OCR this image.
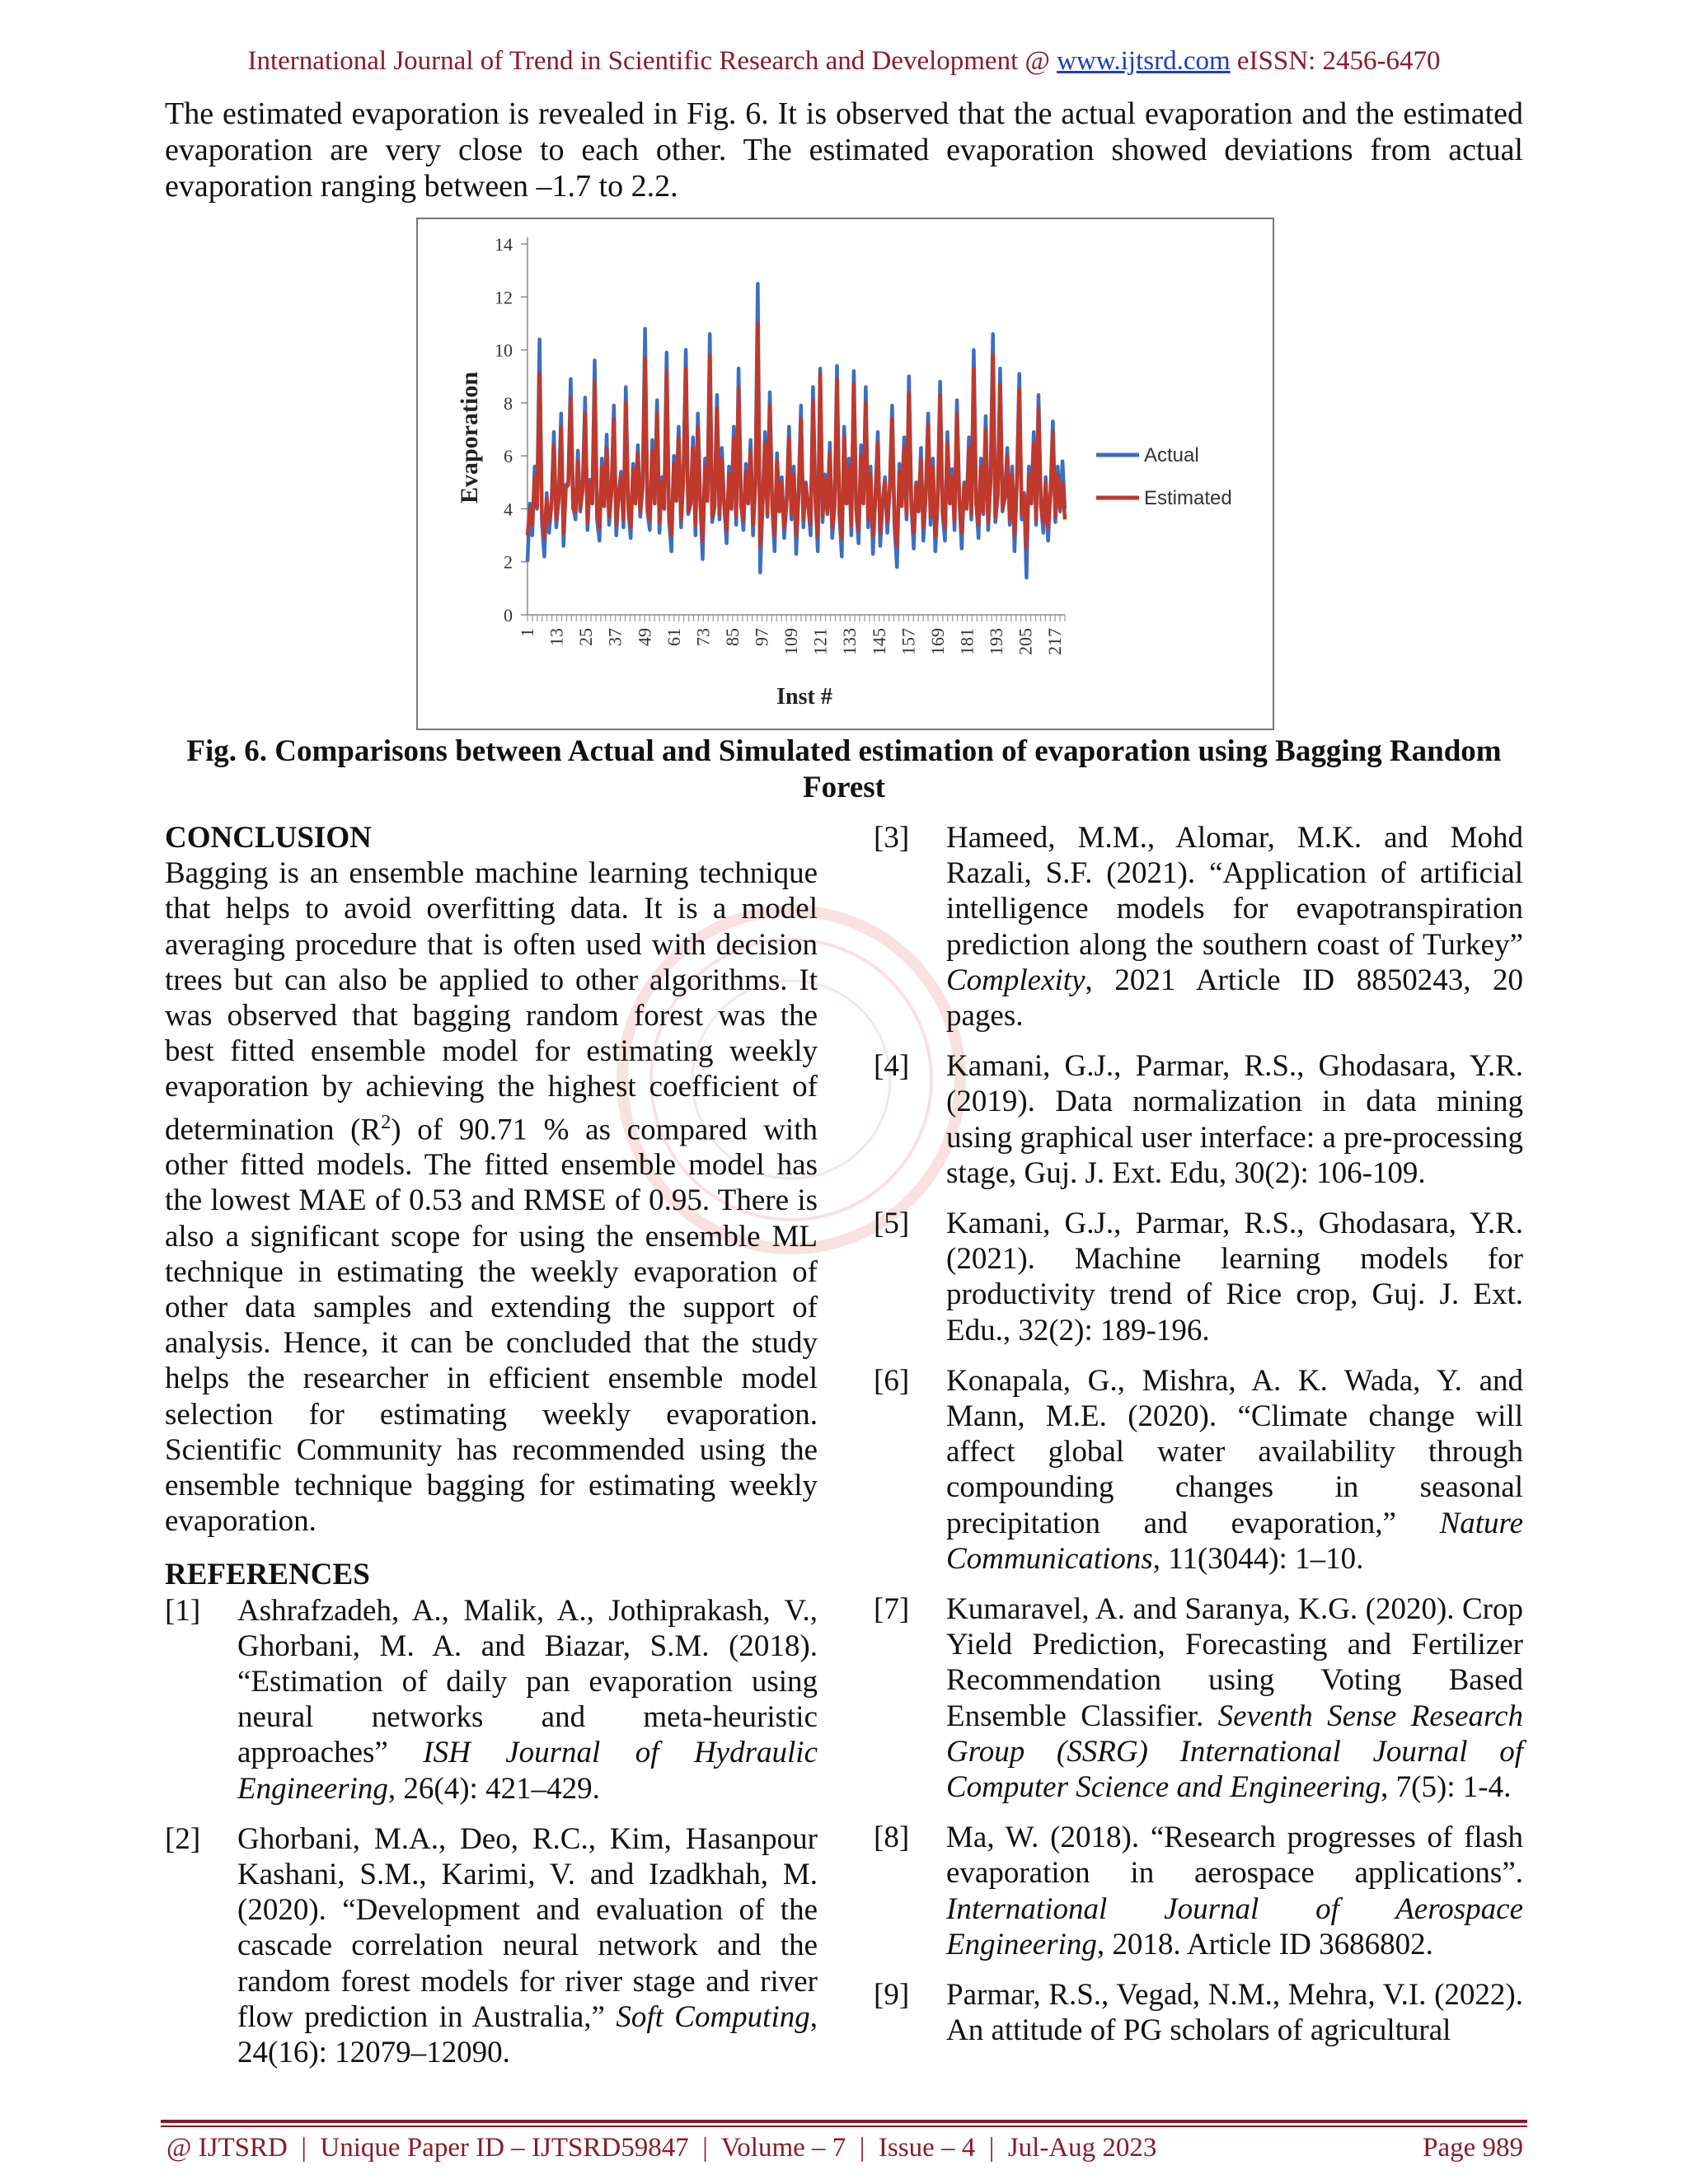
International Journal of Trend in Scientific Research and Development @ www.ijtsrd.com eISSN: 2456-6470

The estimated evaporation is revealed in Fig. 6. It is observed that the actual evaporation and the estimated evaporation are very close to each other. The estimated evaporation showed deviations from actual evaporation ranging between –1.7 to 2.2.

0
2
4
6
8
10
12
14
1 13 25 37 49 61 73 85 97 109 121 133 145 157 169 181 193 205 217
Evaporation
Inst #
Actual
Estimated
Fig. 6. Comparisons between Actual and Simulated estimation of evaporation using Bagging Random Forest
CONCLUSION

Bagging is an ensemble machine learning technique that helps to avoid overfitting data. It is a model averaging procedure that is often used with decision trees but can also be applied to other algorithms. It was observed that bagging random forest was the best fitted ensemble model for estimating weekly evaporation by achieving the highest coefficient of determination $(R^2)$ of 90.71 % as compared with other fitted models. The fitted ensemble model has the lowest MAE of 0.53 and RMSE of 0.95. There is also a significant scope for using the ensemble ML technique in estimating the weekly evaporation of other data samples and extending the support of analysis. Hence, it can be concluded that the study helps the researcher in efficient ensemble model selection for estimating weekly evaporation. Scientific Community has recommended using the ensemble technique bagging for estimating weekly evaporation.

REFERENCES
[1]	Ashrafzadeh, A., Malik, A., Jothiprakash, V., Ghorbani, M. A. and Biazar, S.M. (2018). “Estimation of daily pan evaporation using neural networks and meta-heuristic approaches” ISH Journal of Hydraulic Engineering, 26(4): 421–429.
[2]	Ghorbani, M.A., Deo, R.C., Kim, Hasanpour Kashani, S.M., Karimi, V. and Izadkhah, M. (2020). “Development and evaluation of the cascade correlation neural network and the random forest models for river stage and river flow prediction in Australia,” Soft Computing, 24(16): 12079–12090.
[3]	Hameed, M.M., Alomar, M.K. and Mohd Razali, S.F. (2021). “Application of artificial intelligence models for evapotranspiration prediction along the southern coast of Turkey” Complexity, 2021 Article ID 8850243, 20 pages.
[4]	Kamani, G.J., Parmar, R.S., Ghodasara, Y.R. (2019). Data normalization in data mining using graphical user interface: a pre-processing stage, Guj. J. Ext. Edu, 30(2): 106-109.
[5]	Kamani, G.J., Parmar, R.S., Ghodasara, Y.R. (2021). Machine learning models for productivity trend of Rice crop, Guj. J. Ext. Edu., 32(2): 189-196.
[6]	Konapala, G., Mishra, A. K. Wada, Y. and Mann, M.E. (2020). “Climate change will affect global water availability through compounding changes in seasonal precipitation and evaporation,” Nature Communications, 11(3044): 1–10.
[7]	Kumaravel, A. and Saranya, K.G. (2020). Crop Yield Prediction, Forecasting and Fertilizer Recommendation using Voting Based Ensemble Classifier. Seventh Sense Research Group (SSRG) International Journal of Computer Science and Engineering, 7(5): 1-4.
[8]	Ma, W. (2018). “Research progresses of flash evaporation in aerospace applications”. International Journal of Aerospace Engineering, 2018. Article ID 3686802.
[9]	Parmar, R.S., Vegad, N.M., Mehra, V.I. (2022). An attitude of PG scholars of agricultural
@ IJTSRD  |  Unique Paper ID – IJTSRD59847  |  Volume – 7  |  Issue – 4  |  Jul-Aug 2023	Page 989
